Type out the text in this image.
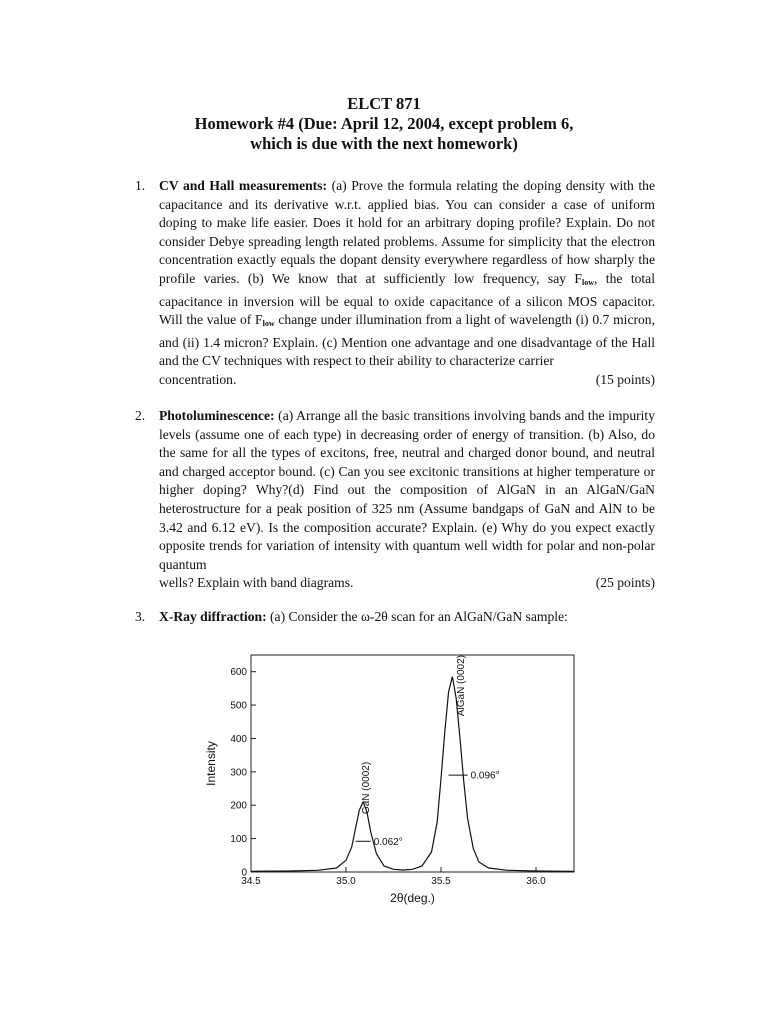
ELCT 871
Homework #4 (Due: April 12, 2004, except problem 6,
which is due with the next homework)
1. CV and Hall measurements: (a) Prove the formula relating the doping density with the capacitance and its derivative w.r.t. applied bias. You can consider a case of uniform doping to make life easier. Does it hold for an arbitrary doping profile? Explain. Do not consider Debye spreading length related problems. Assume for simplicity that the electron concentration exactly equals the dopant density everywhere regardless of how sharply the profile varies. (b) We know that at sufficiently low frequency, say $F_{low}$, the total capacitance in inversion will be equal to oxide capacitance of a silicon MOS capacitor. Will the value of $F_{low}$ change under illumination from a light of wavelength (i) 0.7 micron, and (ii) 1.4 micron? Explain. (c) Mention one advantage and one disadvantage of the Hall and the CV techniques with respect to their ability to characterize carrier
concentration.	(15 points)
2. Photoluminescence: (a) Arrange all the basic transitions involving bands and the impurity levels (assume one of each type) in decreasing order of energy of transition. (b) Also, do the same for all the types of excitons, free, neutral and charged donor bound, and neutral and charged acceptor bound. (c) Can you see excitonic transitions at higher temperature or higher doping? Why?(d) Find out the composition of AlGaN in an AlGaN/GaN heterostructure for a peak position of 325 nm (Assume bandgaps of GaN and AlN to be 3.42 and 6.12 eV). Is the composition accurate? Explain. (e) Why do you expect exactly opposite trends for variation of intensity with quantum well width for polar and non-polar quantum
wells? Explain with band diagrams.	(25 points)
3. X-Ray diffraction: (a) Consider the ω-2θ scan for an AlGaN/GaN sample:
0
100
200
300
400
500
600
34.5	35.0	35.5	36.0
2θ(deg.)
Intensity	GaN (0002)
AlGaN (0002)
0.062°
0.096°
